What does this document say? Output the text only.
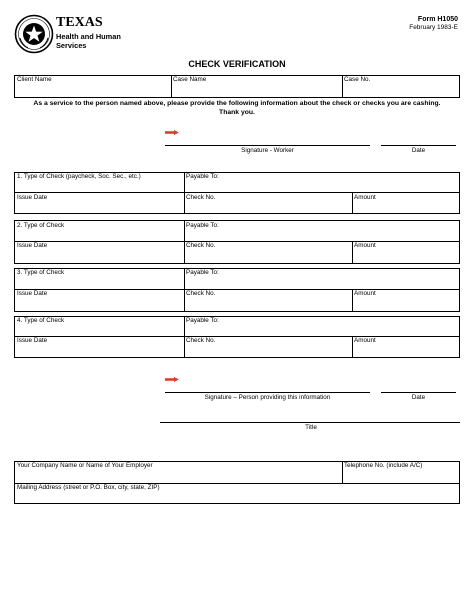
TEXAS
Health and Human
Services
Form H1050
February 1983-E
CHECK VERIFICATION
Client Name	Case Name	Case No.
As a service to the person named above, please provide the following information about the check or checks you are cashing.
Thank you.
Signature - Worker	Date
1. Type of Check (paycheck, Soc. Sec., etc.)	Payable To:
Issue Date	Check No.	Amount
2. Type of Check	Payable To:
Issue Date	Check No.	Amount
3. Type of Check	Payable To:
Issue Date	Check No.	Amount
4. Type of Check	Payable To:
Issue Date	Check No.	Amount
Signature – Person providing this information	Date
Title
Your Company Name or Name of Your Employer	Telephone No. (include A/C)
Mailing Address (street or P.O. Box, city, state, ZIP)
